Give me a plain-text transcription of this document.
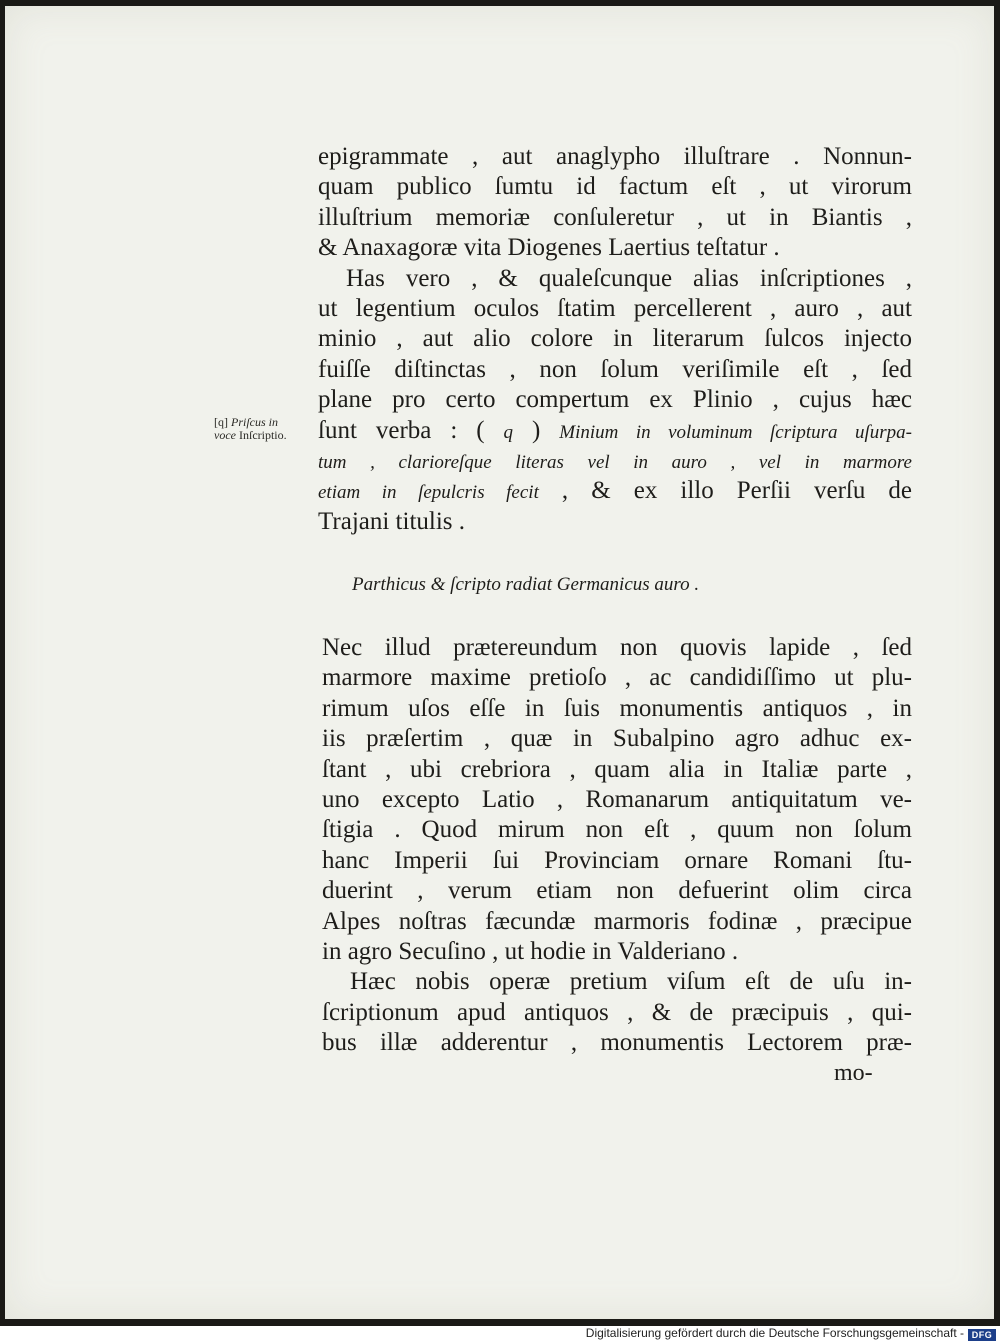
epigrammate , aut anaglypho illuſtrare . Nonnun-
quam publico ſumtu id factum eſt , ut virorum
illuſtrium memoriæ conſuleretur , ut in Biantis ,
& Anaxagoræ vita Diogenes Laertius teſtatur .
Has vero , & qualeſcunque alias inſcriptiones ,
ut legentium oculos ſtatim percellerent , auro , aut
minio , aut alio colore in literarum ſulcos injecto
fuiſſe diſtinctas , non ſolum veriſimile eſt , ſed
plane pro certo compertum ex Plinio , cujus hæc
ſunt verba : ( q ) Minium in voluminum ſcriptura uſurpa-
tum , clarioreſque literas vel in auro , vel in marmore
etiam in ſepulcris fecit , & ex illo Perſii verſu de
Trajani titulis .
[q] Priſcus in
voce Inſcriptio.
Parthicus & ſcripto radiat Germanicus auro .
Nec illud prætereundum non quovis lapide , ſed
marmore maxime pretioſo , ac candidiſſimo ut plu-
rimum uſos eſſe in ſuis monumentis antiquos , in
iis præſertim , quæ in Subalpino agro adhuc ex-
ſtant , ubi crebriora , quam alia in Italiæ parte ,
uno excepto Latio , Romanarum antiquitatum ve-
ſtigia . Quod mirum non eſt , quum non ſolum
hanc Imperii ſui Provinciam ornare Romani ſtu-
duerint , verum etiam non defuerint olim circa
Alpes noſtras fæcundæ marmoris fodinæ , præcipue
in agro Secuſino , ut hodie in Valderiano .
Hæc nobis operæ pretium viſum eſt de uſu in-
ſcriptionum apud antiquos , & de præcipuis , qui-
bus illæ adderentur , monumentis Lectorem præ-
mo-
Digitalisierung gefördert durch die Deutsche Forschungsgemeinschaft - DFG
